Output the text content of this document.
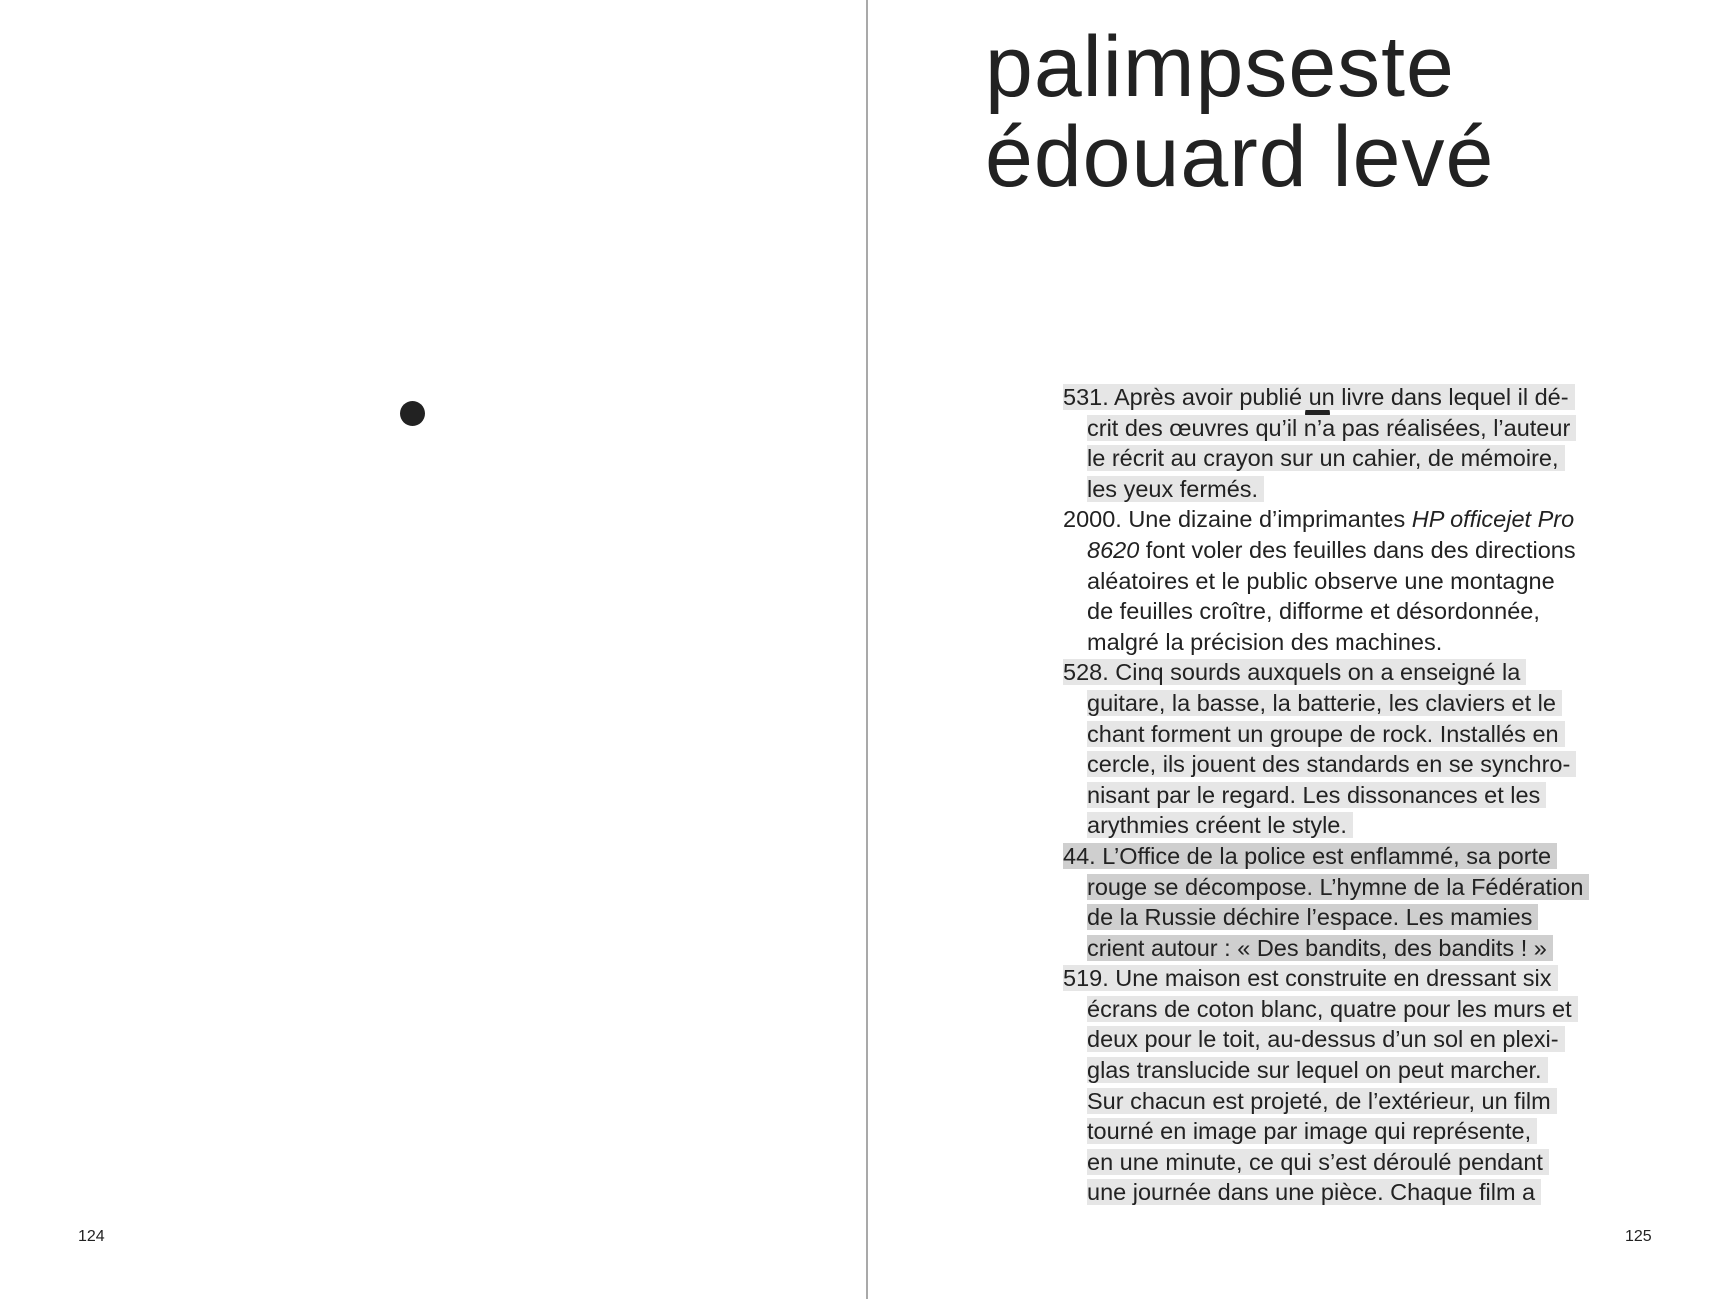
124	125
palimpseste
édouard levé

531. Après avoir publié un livre dans lequel il dé-
crit des œuvres qu’il n’a pas réalisées, l’auteur
le récrit au crayon sur un cahier, de mémoire,
les yeux fermés.

2000. Une dizaine d’imprimantes HP officejet Pro
8620 font voler des feuilles dans des directions
aléatoires et le public observe une montagne
de feuilles croître, difforme et désordonnée,
malgré la précision des machines.

528. Cinq sourds auxquels on a enseigné la
guitare, la basse, la batterie, les claviers et le
chant forment un groupe de rock. Installés en
cercle, ils jouent des standards en se synchro-
nisant par le regard. Les dissonances et les
arythmies créent le style.

44. L’Office de la police est enflammé, sa porte
rouge se décompose. L’hymne de la Fédération
de la Russie déchire l’espace. Les mamies
crient autour : « Des bandits, des bandits ! »

519. Une maison est construite en dressant six
écrans de coton blanc, quatre pour les murs et
deux pour le toit, au-dessus d’un sol en plexi-
glas translucide sur lequel on peut marcher.
Sur chacun est projeté, de l’extérieur, un film
tourné en image par image qui représente,
en une minute, ce qui s’est déroulé pendant
une journée dans une pièce. Chaque film a
